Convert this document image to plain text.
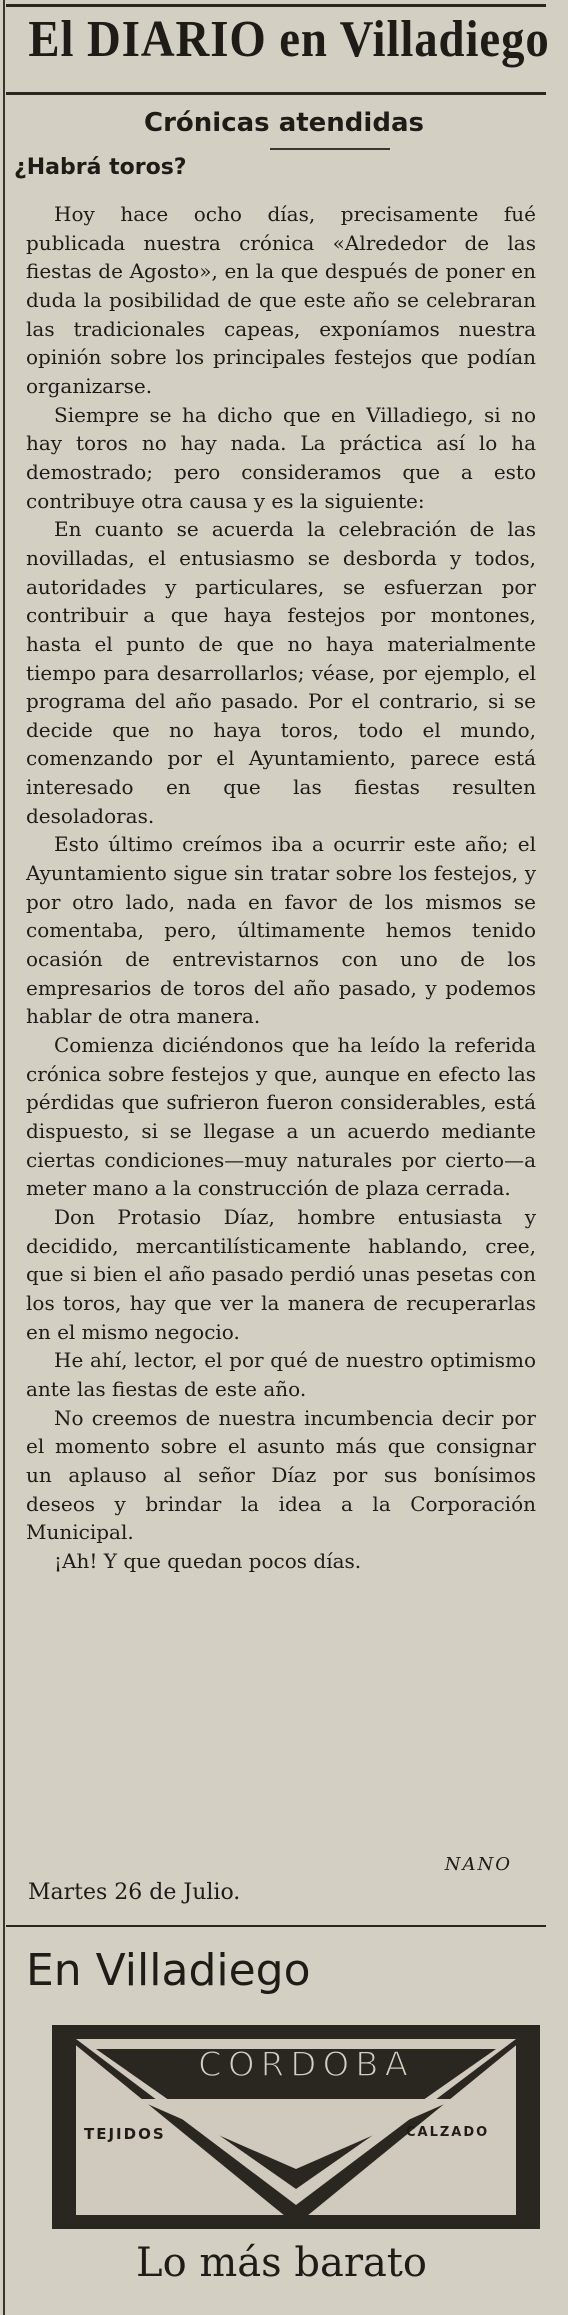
El DIARIO en Villadiego
Crónicas atendidas
¿Habrá toros?

Hoy hace ocho días, precisamente fué publicada nuestra crónica «Alrededor de las fiestas de Agosto», en la que después de poner en duda la posibilidad de que este año se celebraran las tradicionales capeas, exponíamos nuestra opinión sobre los principales festejos que podían organizarse.

Siempre se ha dicho que en Villadiego, si no hay toros no hay nada. La práctica así lo ha demostrado; pero consideramos que a esto contribuye otra causa y es la siguiente:

En cuanto se acuerda la celebración de las novilladas, el entusiasmo se desborda y todos, autoridades y particulares, se esfuerzan por contribuir a que haya festejos por montones, hasta el punto de que no haya materialmente tiempo para desarrollarlos; véase, por ejemplo, el programa del año pasado. Por el contrario, si se decide que no haya toros, todo el mundo, comenzando por el Ayuntamiento, parece está interesado en que las fiestas resulten desoladoras.

Esto último creímos iba a ocurrir este año; el Ayuntamiento sigue sin tratar sobre los festejos, y por otro lado, nada en favor de los mismos se comentaba, pero, últimamente hemos tenido ocasión de entrevistarnos con uno de los empresarios de toros del año pasado, y podemos hablar de otra manera.

Comienza diciéndonos que ha leído la referida crónica sobre festejos y que, aunque en efecto las pérdidas que sufrieron fueron considerables, está dispuesto, si se llegase a un acuerdo mediante ciertas condiciones—muy naturales por cierto—a meter mano a la construcción de plaza cerrada.

Don Protasio Díaz, hombre entusiasta y decidido, mercantilísticamente hablando, cree, que si bien el año pasado perdió unas pesetas con los toros, hay que ver la manera de recuperarlas en el mismo negocio.

He ahí, lector, el por qué de nuestro optimismo ante las fiestas de este año.

No creemos de nuestra incumbencia decir por el momento sobre el asunto más que consignar un aplauso al señor Díaz por sus bonísimos deseos y brindar la idea a la Corporación Municipal.

¡Ah! Y que quedan pocos días.

NANO
Martes 26 de Julio.
En Villadiego
CORDOBA
TEJIDOS	CALZADO
Lo más barato
